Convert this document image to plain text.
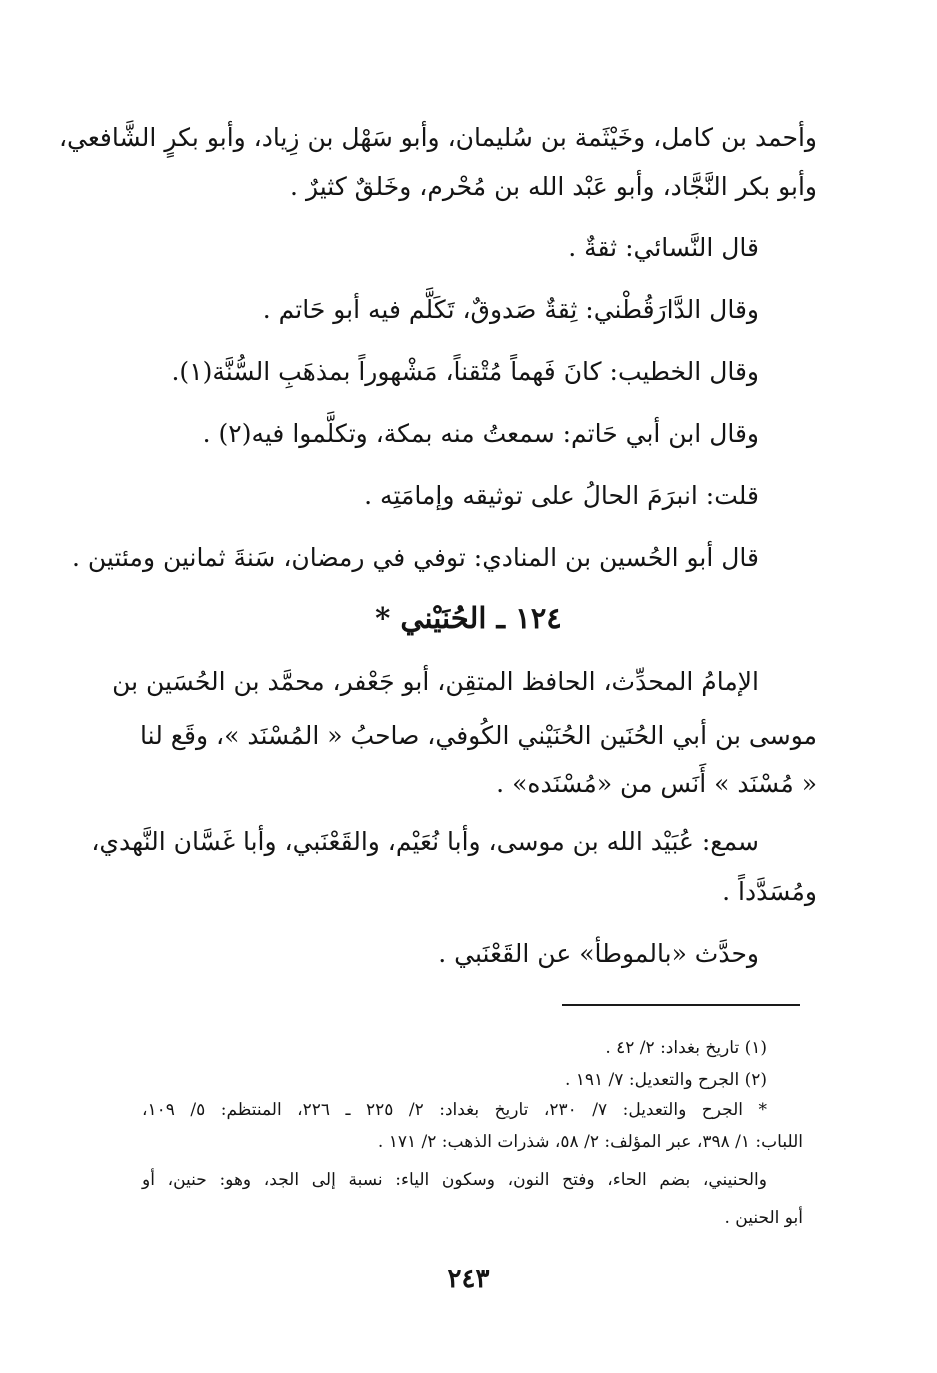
وأحمد بن كامل، وخَيْثَمة بن سُليمان، وأبو سَهْل بن زِياد، وأبو بكرٍ الشَّافعي،
وأبو بكر النَّجَّاد، وأبو عَبْد الله بن مُحْرم، وخَلقٌ كثيرٌ .
قال النَّسائي: ثقةٌ .
وقال الدَّارَقُطْني: ثِقةٌ صَدوقٌ، تَكَلَّم فيه أبو حَاتم .
وقال الخطيب: كانَ فَهماً مُتْقناً، مَشْهوراً بمذهَبِ السُّنَّة(١).
وقال ابن أبي حَاتم: سمعتُ منه بمكة، وتكلَّموا فيه(٢) .
قلت: انبرَمَ الحالُ على توثيقه وإمامَتِه .
قال أبو الحُسين بن المنادي: توفي في رمضان، سَنةَ ثمانين ومئتين .
١٢٤ ـ الحُنَيْني *
الإمامُ المحدِّث، الحافظ المتقِن، أبو جَعْفر، محمَّد بن الحُسَين بن
موسى بن أبي الحُنَين الحُنَيْني الكُوفي، صاحبُ « المُسْنَد »، وقَع لنا
« مُسْنَد » أَنَس من «مُسْنَده» .
سمع: عُبَيْد الله بن موسى، وأبا نُعَيْم، والقَعْنَبي، وأبا غَسَّان النَّهدي،
ومُسَدَّداً .
وحدَّث «بالموطأ» عن القَعْنَبي .
(١) تاريخ بغداد: ٢/ ٤٢ .
(٢) الجرح والتعديل: ٧/ ١٩١ .
* الجرح والتعديل: ٧/ ٢٣٠، تاريخ بغداد: ٢/ ٢٢٥ ـ ٢٢٦، المنتظم: ٥/ ١٠٩،
اللباب: ١/ ٣٩٨، عبر المؤلف: ٢/ ٥٨، شذرات الذهب: ٢/ ١٧١ .
والحنيني، بضم الحاء، وفتح النون، وسكون الياء: نسبة إلى الجد، وهو: حنين، أو
أبو الحنين .
٢٤٣
